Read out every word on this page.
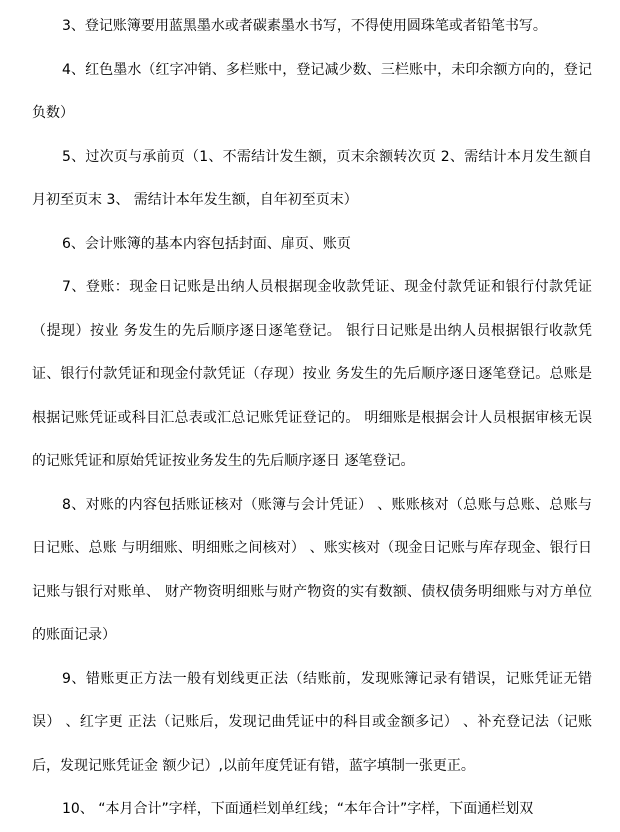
3、登记账簿要用蓝黑墨水或者碳素墨水书写，不得使用圆珠笔或者铅笔书写。

4、红色墨水（红字冲销、多栏账中，登记减少数、三栏账中，未印余额方向的，登记负数）

5、过次页与承前页（1、不需结计发生额，页末余额转次页 2、需结计本月发生额自月初至页末 3、 需结计本年发生额，自年初至页末）

6、会计账簿的基本内容包括封面、扉页、账页

7、登账：现金日记账是出纳人员根据现金收款凭证、现金付款凭证和银行付款凭证（提现）按业 务发生的先后顺序逐日逐笔登记。 银行日记账是出纳人员根据银行收款凭证、银行付款凭证和现金付款凭证（存现）按业 务发生的先后顺序逐日逐笔登记。总账是根据记账凭证或科目汇总表或汇总记账凭证登记的。 明细账是根据会计人员根据审核无误的记账凭证和原始凭证按业务发生的先后顺序逐日 逐笔登记。

8、对账的内容包括账证核对（账簿与会计凭证） 、账账核对（总账与总账、总账与日记账、总账 与明细账、明细账之间核对） 、账实核对（现金日记账与库存现金、银行日记账与银行对账单、 财产物资明细账与财产物资的实有数额、债权债务明细账与对方单位的账面记录）

9、错账更正方法一般有划线更正法（结账前，发现账簿记录有错误，记账凭证无错误） 、红字更 正法（记账后，发现记曲凭证中的科目或金额多记） 、补充登记法（记账后，发现记账凭证金 额少记）,以前年度凭证有错，蓝字填制一张更正。

10、 “本月合计”字样，下面通栏划单红线；“本年合计”字样，下面通栏划双
